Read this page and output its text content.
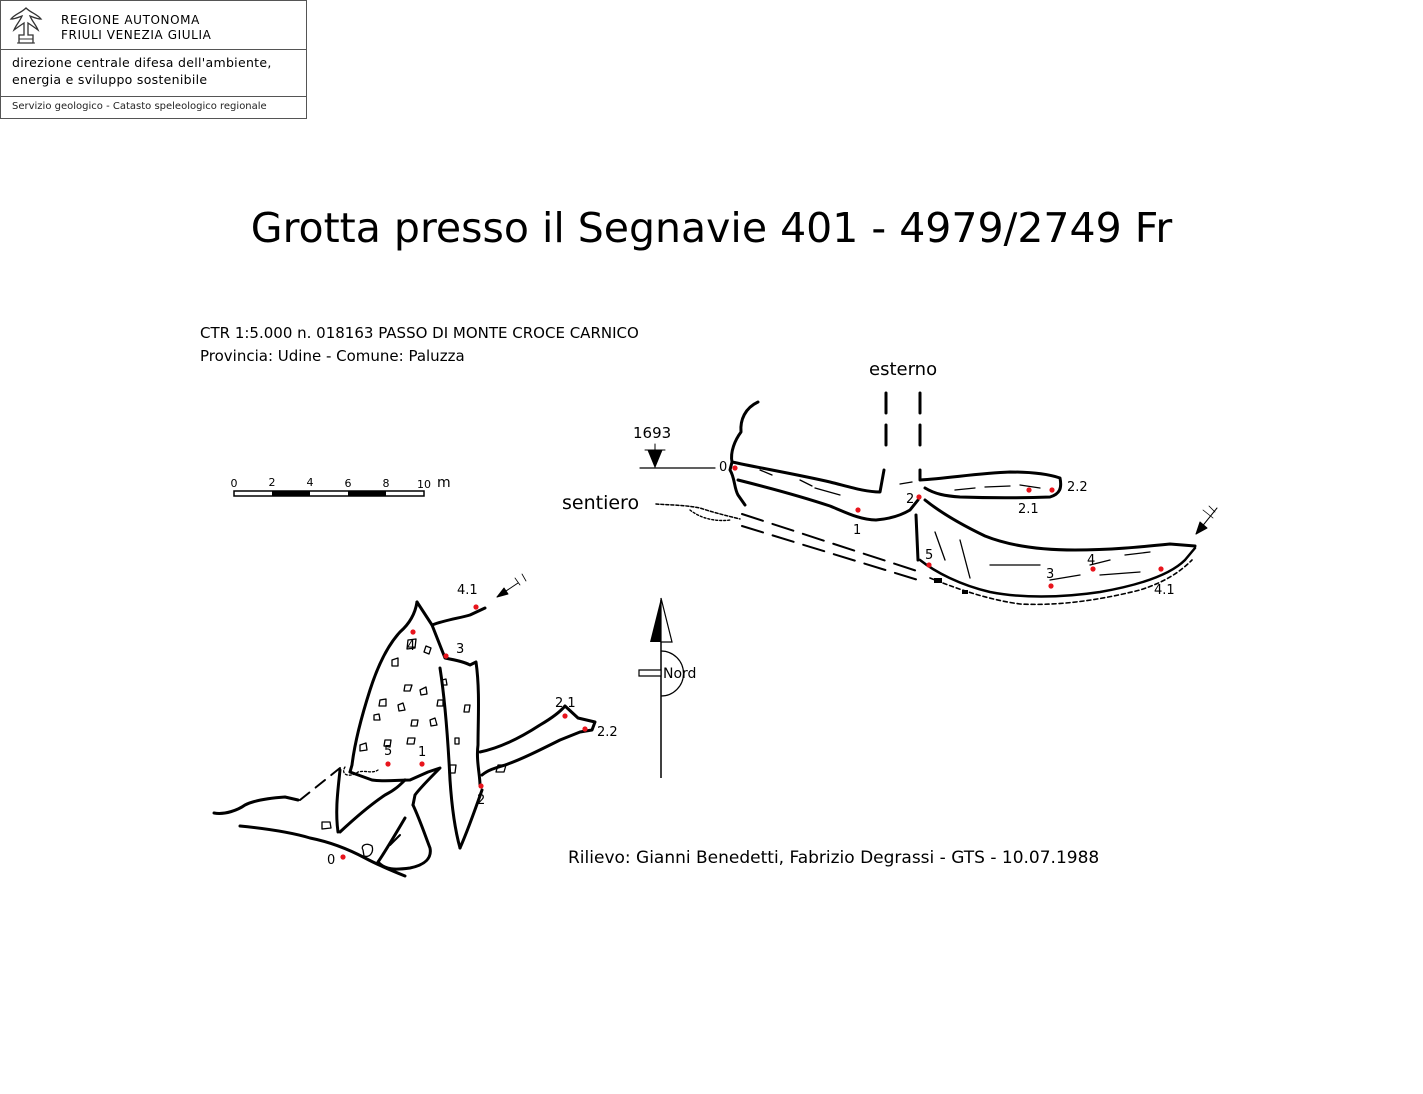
REGIONE AUTONOMA
FRIULI VENEZIA GIULIA
direzione centrale difesa dell'ambiente,
energia e sviluppo sostenibile
Servizio geologico - Catasto speleologico regionale
Grotta presso il Segnavie 401 - 4979/2749 Fr
CTR 1:5.000 n. 018163 PASSO DI MONTE CROCE CARNICO
Provincia: Udine - Comune: Paluzza
Rilievo: Gianni Benedetti, Fabrizio Degrassi - GTS - 10.07.1988
0	2	4	6	8	10 m
Nord
esterno
sentiero
1693
0
1
2
2.1
2.2
3
4
4.1
5
0
1
2
2.1
2.2
3
4
4.1
5
